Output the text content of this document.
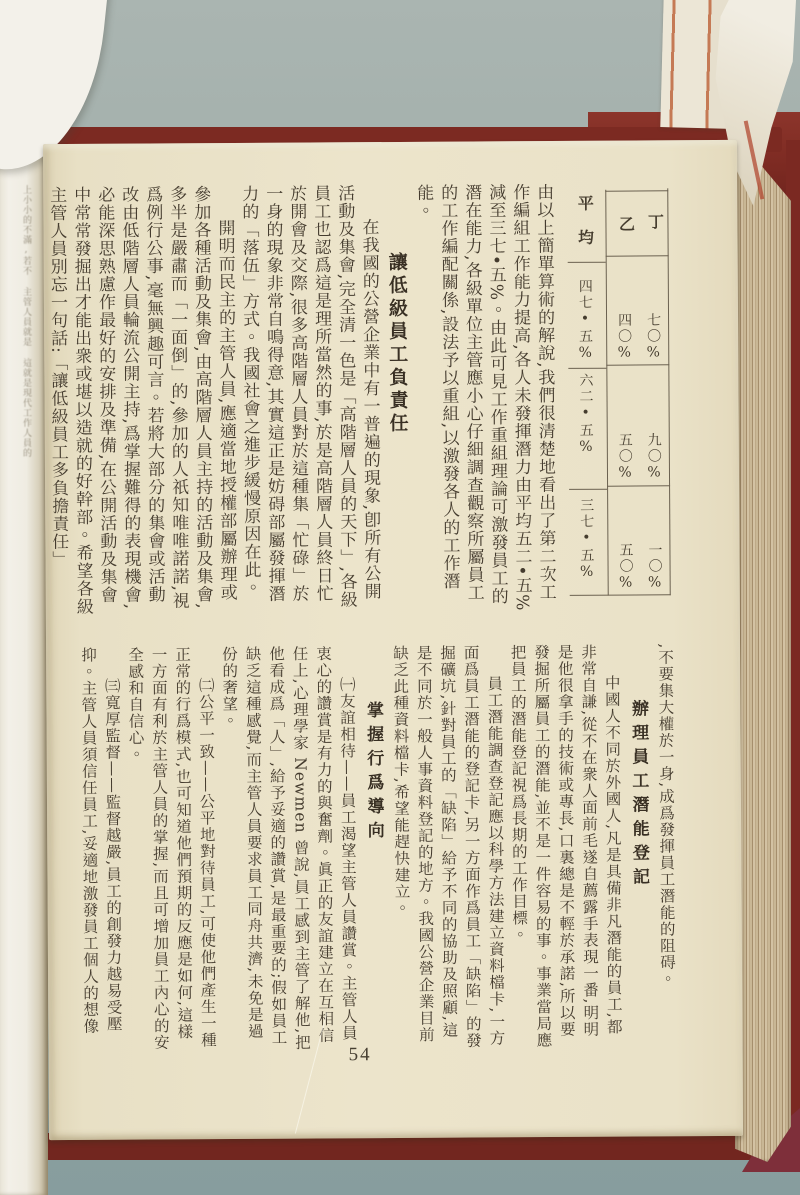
上小小的不滿,若不 主管人員就是 這就是現代工作人員的	平均 乙 丁
四七•五% 四〇% 七〇%
六二•五%
五〇% 九〇%
三七•五% 五〇% 一〇%

由以上簡單算術的解說,我們很清楚地看出了第二次工作編組工作能力提高,各人未發揮潛力由平均五二•五%減至三七•五%。由此可見工作重組理論可激發員工的潛在能力,各級單位主管應小心仔細調查觀察所屬員工的工作編配關係,設法予以重組,以激發各人的工作潛能。

讓低級員工負責任

在我國的公營企業中有一普遍的現象,卽所有公開活動及集會,完全清一色是「高階層人員的天下」,各級員工也認爲這是理所當然的事,於是高階層人員終日忙於開會及交際,很多高階層人員對於這種集「忙碌」於一身的現象非常自鳴得意,其實這正是妨碍部屬發揮潛力的「落伍」方式。我國社會之進步緩慢原因在此。

開明而民主的主管人員,應適當地授權部屬辦理或參加各種活動及集會,由高階層人員主持的活動及集會,多半是嚴肅而「一面倒」的,參加的人祇知唯唯諾諾,視爲例行公事,毫無興趣可言。若將大部分的集會或活動改由低階層人員輪流公開主持,爲掌握難得的表現機會,必能深思熟慮作最好的安排及準備,在公開活動及集會中常常發掘出才能出衆或堪以造就的好幹部。希望各級主管人員別忘一句話:「讓低級員工多負擔責任」

,不要集大權於一身,成爲發揮員工潛能的阻碍。

辦理員工潛能登記

中國人不同於外國人,凡是具備非凡潛能的員工,都非常自謙,從不在衆人面前毛遂自薦露手表現一番,明明是他很拿手的技術或專長,口裏總是不輕於承諾,所以要發掘所屬員工的潛能,並不是一件容易的事。事業當局應把員工的潛能登記視爲長期的工作目標。

員工潛能調查登記應以科學方法建立資料檔卡,一方面爲員工潛能的登記卡,另一方面作爲員工「缺陷」的發掘礦坑,針對員工的「缺陷」給予不同的協助及照顧,這是不同於一般人事資料登記的地方。我國公營企業目前缺乏此種資料檔卡,希望能趕快建立。

掌握行爲導向

㈠友誼相待——員工渴望主管人員讚賞。主管人員衷心的讚賞是有力的與奮劑。眞正的友誼建立在互相信任上,心理學家 Newmen 曾說,員工感到主管了解他,把他看成爲「人」,給予妥適的讚賞,是最重要的;假如員工缺乏這種感覺,而主管人員要求員工同舟共濟,未免是過份的奢望。

㈡公平一致——公平地對待員工,可使他們產生一種正常的行爲模式,也可知道他們預期的反應是如何,這樣一方面有利於主管人員的掌握,而且可增加員工內心的安全感和自信心。

㈢寬厚監督——監督越嚴,員工的創發力越易受壓抑。主管人員須信任員工,妥適地激發員工個人的想像

54
